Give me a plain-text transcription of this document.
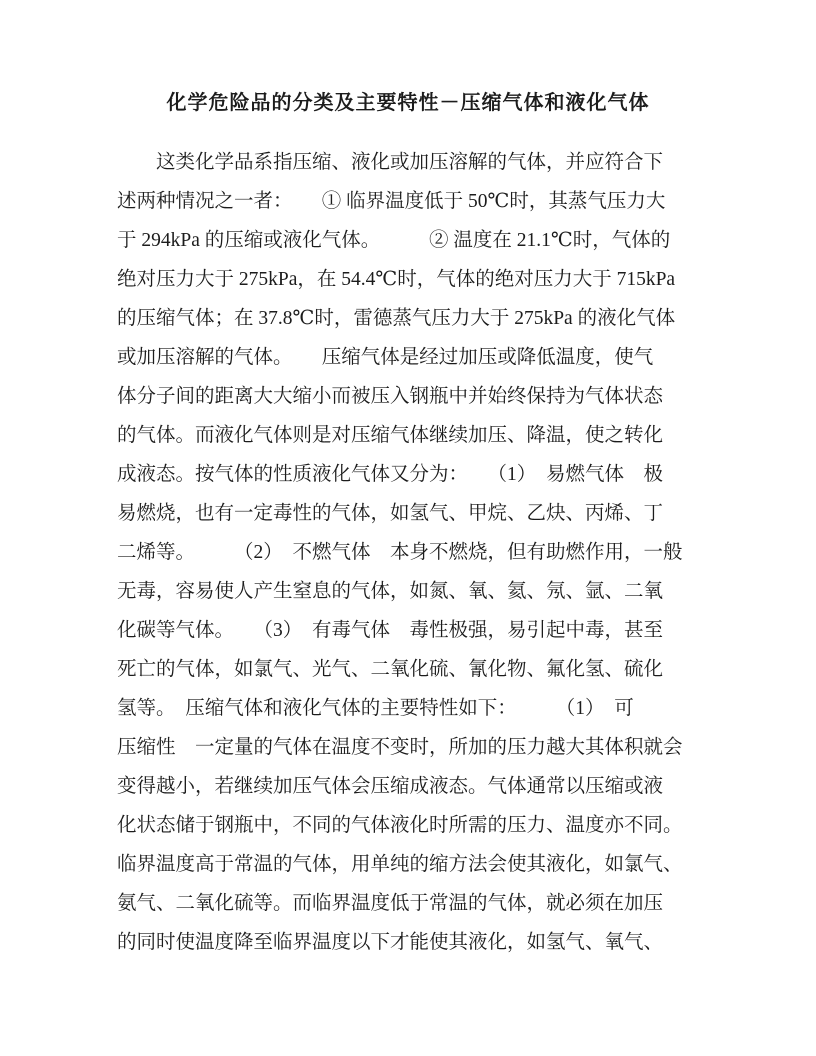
化学危险品的分类及主要特性－压缩气体和液化气体
　　这类化学品系指压缩、液化或加压溶解的气体，并应符合下
述两种情况之一者：　　① 临界温度低于 50℃时，其蒸气压力大
于 294kPa 的压缩或液化气体。　　　② 温度在 21.1℃时，气体的
绝对压力大于 275kPa，在 54.4℃时，气体的绝对压力大于 715kPa
的压缩气体；在 37.8℃时，雷德蒸气压力大于 275kPa 的液化气体
或加压溶解的气体。　　压缩气体是经过加压或降低温度，使气
体分子间的距离大大缩小而被压入钢瓶中并始终保持为气体状态
的气体。而液化气体则是对压缩气体继续加压、降温，使之转化
成液态。按气体的性质液化气体又分为：　　（1）　易燃气体　极
易燃烧，也有一定毒性的气体，如氢气、甲烷、乙炔、丙烯、丁
二烯等。　　　（2）　不燃气体　本身不燃烧，但有助燃作用，一般
无毒，容易使人产生窒息的气体，如氮、氧、氦、氖、氩、二氧
化碳等气体。　　（3）　有毒气体　毒性极强，易引起中毒，甚至
死亡的气体，如氯气、光气、二氧化硫、氰化物、氟化氢、硫化
氢等。　压缩气体和液化气体的主要特性如下：　　　（1）　可
压缩性　一定量的气体在温度不变时，所加的压力越大其体积就会
变得越小，若继续加压气体会压缩成液态。气体通常以压缩或液
化状态储于钢瓶中，不同的气体液化时所需的压力、温度亦不同。
临界温度高于常温的气体，用单纯的缩方法会使其液化，如氯气、
氨气、二氧化硫等。而临界温度低于常温的气体，就必须在加压
的同时使温度降至临界温度以下才能使其液化，如氢气、氧气、
